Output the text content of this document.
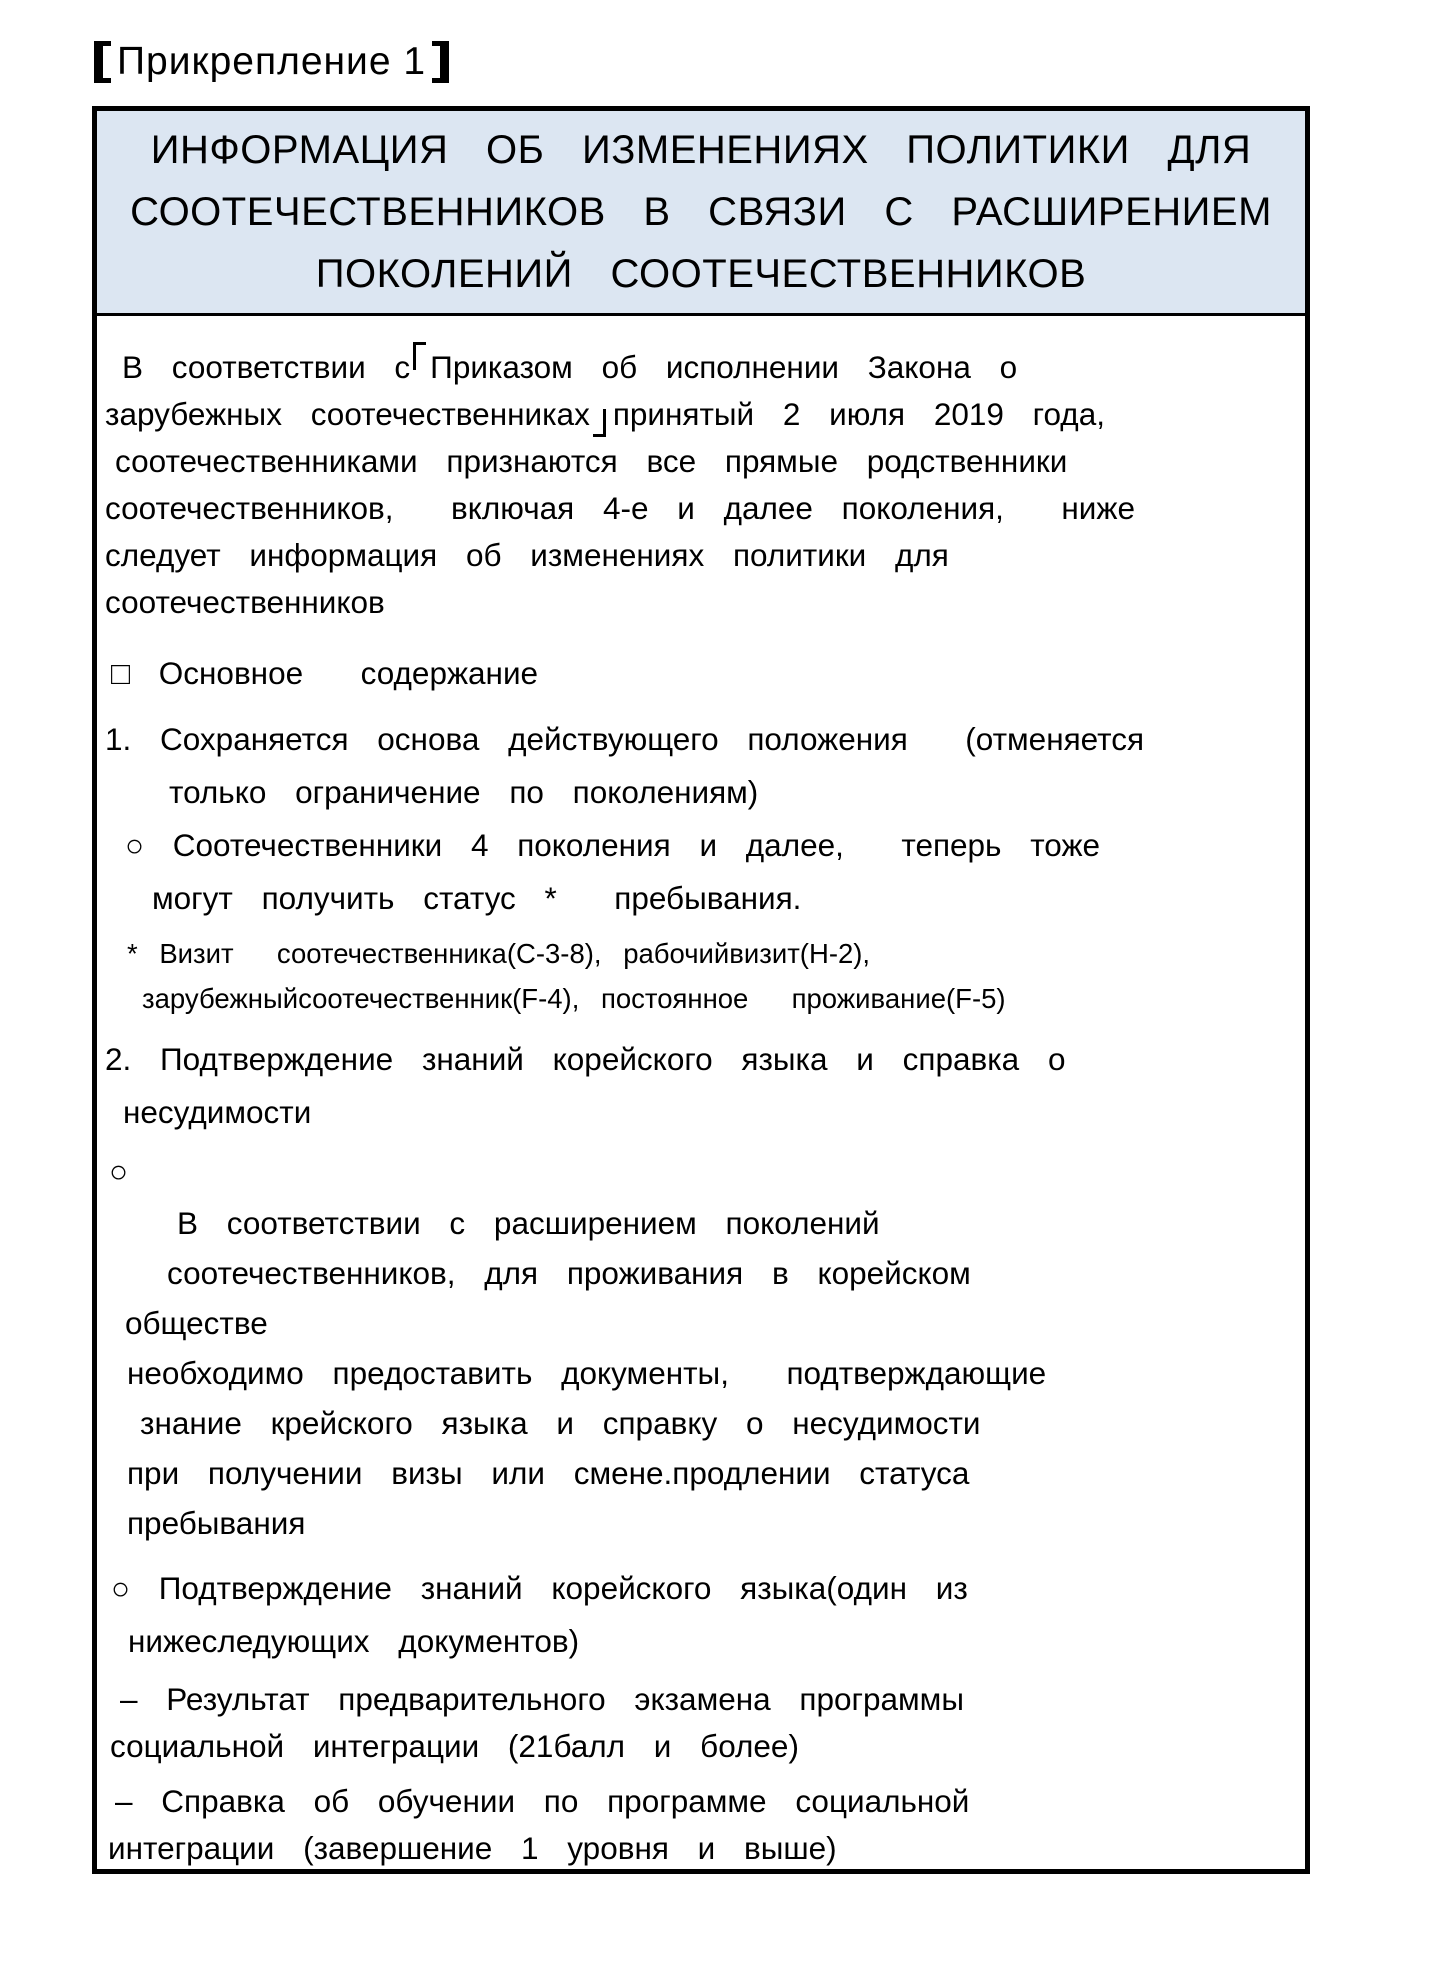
Прикрепление 1
ИНФОРМАЦИЯ ОБ ИЗМЕНЕНИЯХ ПОЛИТИКИ ДЛЯ
СООТЕЧЕСТВЕННИКОВ В СВЯЗИ С РАСШИРЕНИЕМ
ПОКОЛЕНИЙ СООТЕЧЕСТВЕННИКОВ
В соответствии с Приказом об исполнении Закона о
зарубежных соотечественниках принятый 2 июля 2019 года,
соотечественниками признаются все прямые родственники
соотечественников,  включая 4-е и далее поколения,  ниже
следует информация об изменениях политики для
соотечественников
□ Основное  содержание
1. Сохраняется основа действующего положения  (отменяется
только ограничение по поколениям)
○ Соотечественники 4 поколения и далее,  теперь тоже
могут получить статус *  пребывания.
* Визит  соотечественника(C-3-8), рабочийвизит(H-2),
зарубежныйсоотечественник(F-4), постоянное  проживание(F-5)
2. Подтверждение знаний корейского языка и справка о
несудимости
○
В соответствии с расширением поколений
соотечественников, для проживания в корейском
обществе
необходимо предоставить документы,  подтверждающие
знание крейского языка и справку о несудимости
при получении визы или смене.продлении статуса
пребывания
○ Подтверждение знаний корейского языка(один из
нижеследующих документов)
– Результат предварительного экзамена программы
социальной интеграции (21балл и более)
– Справка об обучении по программе социальной
интеграции (завершение 1 уровня и выше)
